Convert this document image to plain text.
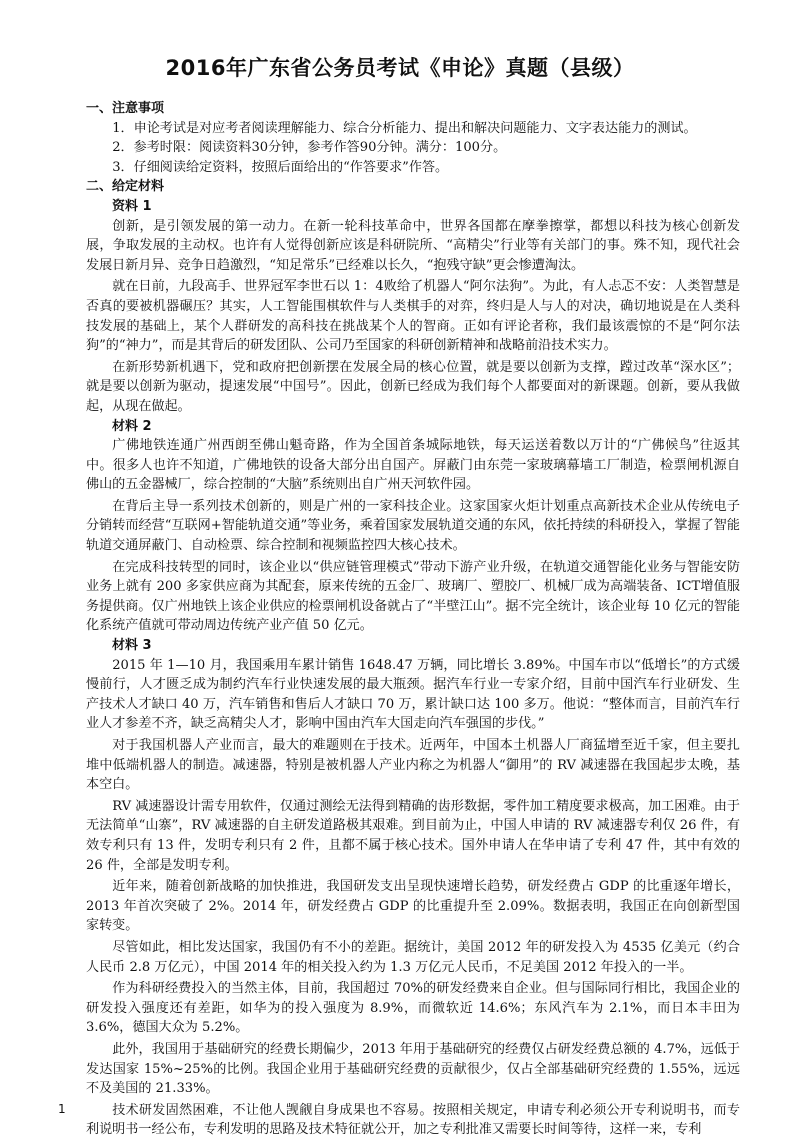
2016年广东省公务员考试《申论》真题（县级）

一、注意事项

1．申论考试是对应考者阅读理解能力、综合分析能力、提出和解决问题能力、文字表达能力的测试。

2．参考时限：阅读资料30分钟，参考作答90分钟。满分：100分。

3．仔细阅读给定资料，按照后面给出的“作答要求”作答。

二、给定材料

资料 1

创新，是引领发展的第一动力。在新一轮科技革命中，世界各国都在摩拳擦掌，都想以科技为核心创新发展，争取发展的主动权。也许有人觉得创新应该是科研院所、“高精尖”行业等有关部门的事。殊不知，现代社会发展日新月异、竞争日趋激烈，“知足常乐”已经难以长久，“抱残守缺”更会惨遭淘汰。

就在日前，九段高手、世界冠军李世石以 1：4败给了机器人“阿尔法狗”。为此，有人忐忑不安：人类智慧是否真的要被机器碾压？其实，人工智能围棋软件与人类棋手的对弈，终归是人与人的对决，确切地说是在人类科技发展的基础上，某个人群研发的高科技在挑战某个人的智商。正如有评论者称，我们最该震惊的不是“阿尔法狗”的“神力”，而是其背后的研发团队、公司乃至国家的科研创新精神和战略前沿技术实力。

在新形势新机遇下，党和政府把创新摆在发展全局的核心位置，就是要以创新为支撑，蹚过改革“深水区”；就是要以创新为驱动，提速发展“中国号”。因此，创新已经成为我们每个人都要面对的新课题。创新，要从我做起，从现在做起。

材料 2

广佛地铁连通广州西朗至佛山魁奇路，作为全国首条城际地铁，每天运送着数以万计的“广佛候鸟”往返其中。很多人也许不知道，广佛地铁的设备大部分出自国产。屏蔽门由东莞一家玻璃幕墙工厂制造，检票闸机源自佛山的五金器械厂，综合控制的“大脑”系统则出自广州天河软件园。

在背后主导一系列技术创新的，则是广州的一家科技企业。这家国家火炬计划重点高新技术企业从传统电子分销转而经营“互联网+智能轨道交通”等业务，乘着国家发展轨道交通的东风，依托持续的科研投入，掌握了智能轨道交通屏蔽门、自动检票、综合控制和视频监控四大核心技术。

在完成科技转型的同时，该企业以“供应链管理模式”带动下游产业升级，在轨道交通智能化业务与智能安防业务上就有 200 多家供应商为其配套，原来传统的五金厂、玻璃厂、塑胶厂、机械厂成为高端装备、ICT增值服务提供商。仅广州地铁上该企业供应的检票闸机设备就占了“半壁江山”。据不完全统计，该企业每 10 亿元的智能化系统产值就可带动周边传统产业产值 50 亿元。

材料 3

2015 年 1—10 月，我国乘用车累计销售 1648.47 万辆，同比增长 3.89%。中国车市以“低增长”的方式缓慢前行，人才匮乏成为制约汽车行业快速发展的最大瓶颈。据汽车行业一专家介绍，目前中国汽车行业研发、生产技术人才缺口 40 万，汽车销售和售后人才缺口 70 万，累计缺口达 100 多万。他说：“整体而言，目前汽车行业人才参差不齐，缺乏高精尖人才，影响中国由汽车大国走向汽车强国的步伐。”

对于我国机器人产业而言，最大的难题则在于技术。近两年，中国本土机器人厂商猛增至近千家，但主要扎堆中低端机器人的制造。减速器，特别是被机器人产业内称之为机器人“御用”的 RV 减速器在我国起步太晚，基本空白。

RV 减速器设计需专用软件，仅通过测绘无法得到精确的齿形数据，零件加工精度要求极高，加工困难。由于无法简单“山寨”，RV 减速器的自主研发道路极其艰难。到目前为止，中国人申请的 RV 减速器专利仅 26 件，有效专利只有 13 件，发明专利只有 2 件，且都不属于核心技术。国外申请人在华申请了专利 47 件，其中有效的 26 件，全部是发明专利。

近年来，随着创新战略的加快推进，我国研发支出呈现快速增长趋势，研发经费占 GDP 的比重逐年增长，2013 年首次突破了 2%。2014 年，研发经费占 GDP 的比重提升至 2.09%。数据表明，我国正在向创新型国家转变。

尽管如此，相比发达国家，我国仍有不小的差距。据统计，美国 2012 年的研发投入为 4535 亿美元（约合人民币 2.8 万亿元），中国 2014 年的相关投入约为 1.3 万亿元人民币，不足美国 2012 年投入的一半。

作为科研经费投入的当然主体，目前，我国超过 70%的研发经费来自企业。但与国际同行相比，我国企业的研发投入强度还有差距，如华为的投入强度为 8.9%，而微软近 14.6%；东风汽车为 2.1%，而日本丰田为 3.6%，德国大众为 5.2%。

此外，我国用于基础研究的经费长期偏少，2013 年用于基础研究的经费仅占研发经费总额的 4.7%，远低于发达国家 15%~25%的比例。我国企业用于基础研究经费的贡献很少，仅占全部基础研究经费的 1.55%，远远不及美国的 21.33%。

技术研发固然困难，不让他人觊觎自身成果也不容易。按照相关规定，申请专利必须公开专利说明书，而专利说明书一经公布，专利发明的思路及技术特征就公开，加之专利批准又需要长时间等待，这样一来，专利

1
